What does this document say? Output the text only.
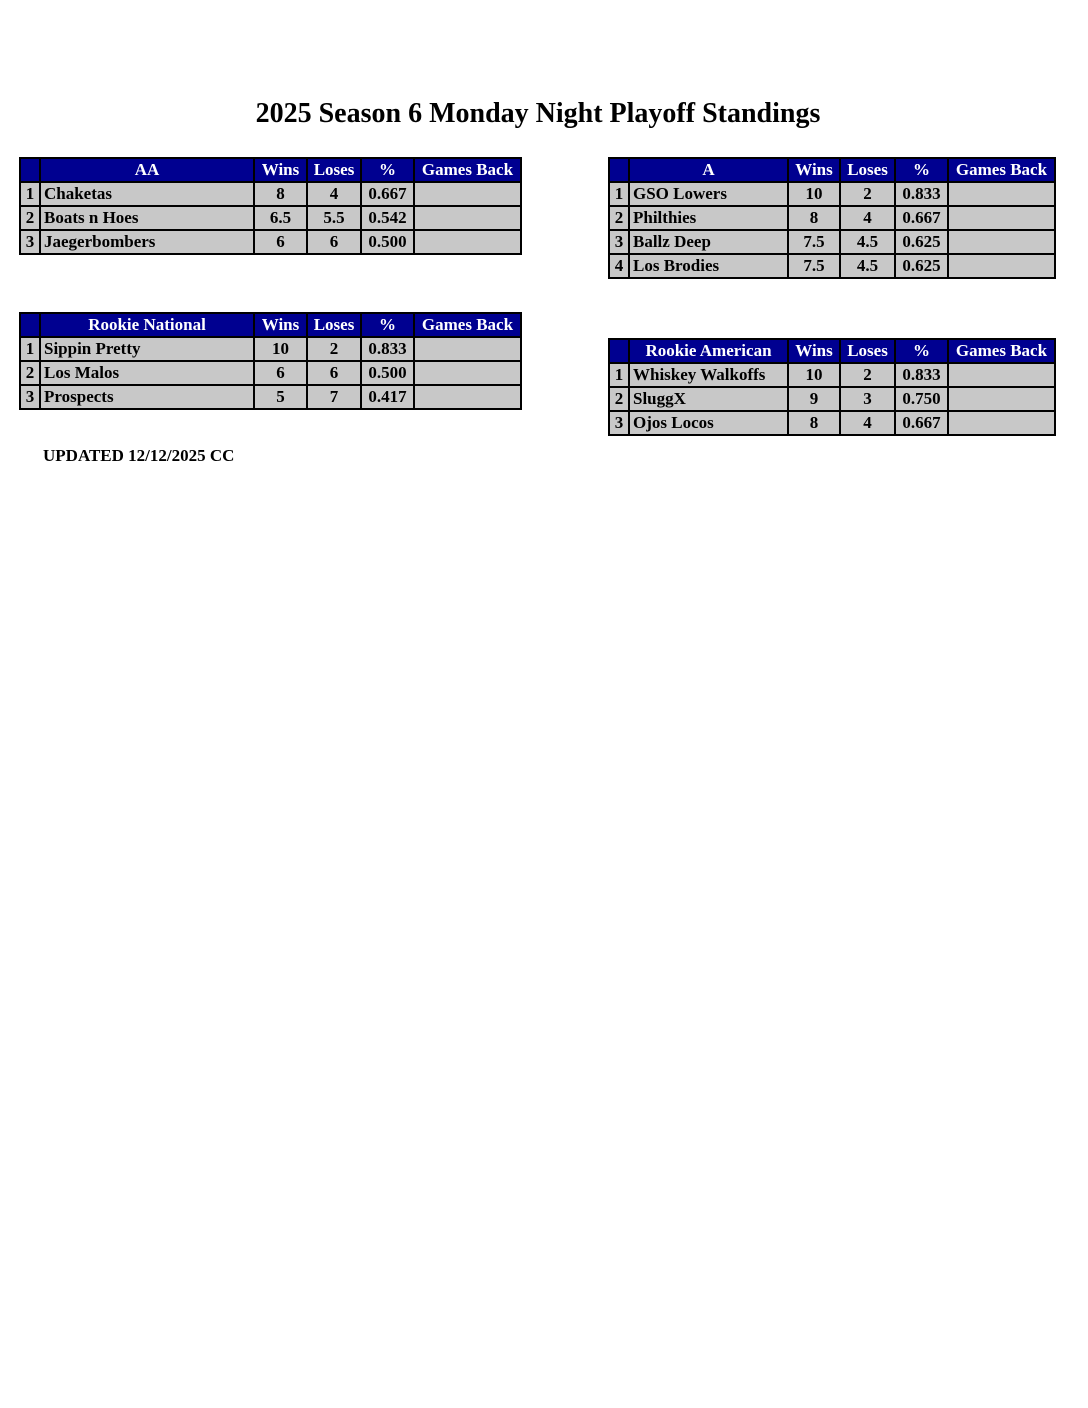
2025 Season 6 Monday Night Playoff Standings
	AA	Wins	Loses	%	Games Back
1	Chaketas	8	4	0.667	
2	Boats n Hoes	6.5	5.5	0.542	
3	Jaegerbombers	6	6	0.500	
	A	Wins	Loses	%	Games Back
1	GSO Lowers	10	2	0.833	
2	Philthies	8	4	0.667	
3	Ballz Deep	7.5	4.5	0.625	
4	Los Brodies	7.5	4.5	0.625	
	Rookie National	Wins	Loses	%	Games Back
1	Sippin Pretty	10	2	0.833	
2	Los Malos	6	6	0.500	
3	Prospects	5	7	0.417	
	Rookie American	Wins	Loses	%	Games Back
1	Whiskey Walkoffs	10	2	0.833	
2	SluggX	9	3	0.750	
3	Ojos Locos	8	4	0.667	
UPDATED 12/12/2025 CC
